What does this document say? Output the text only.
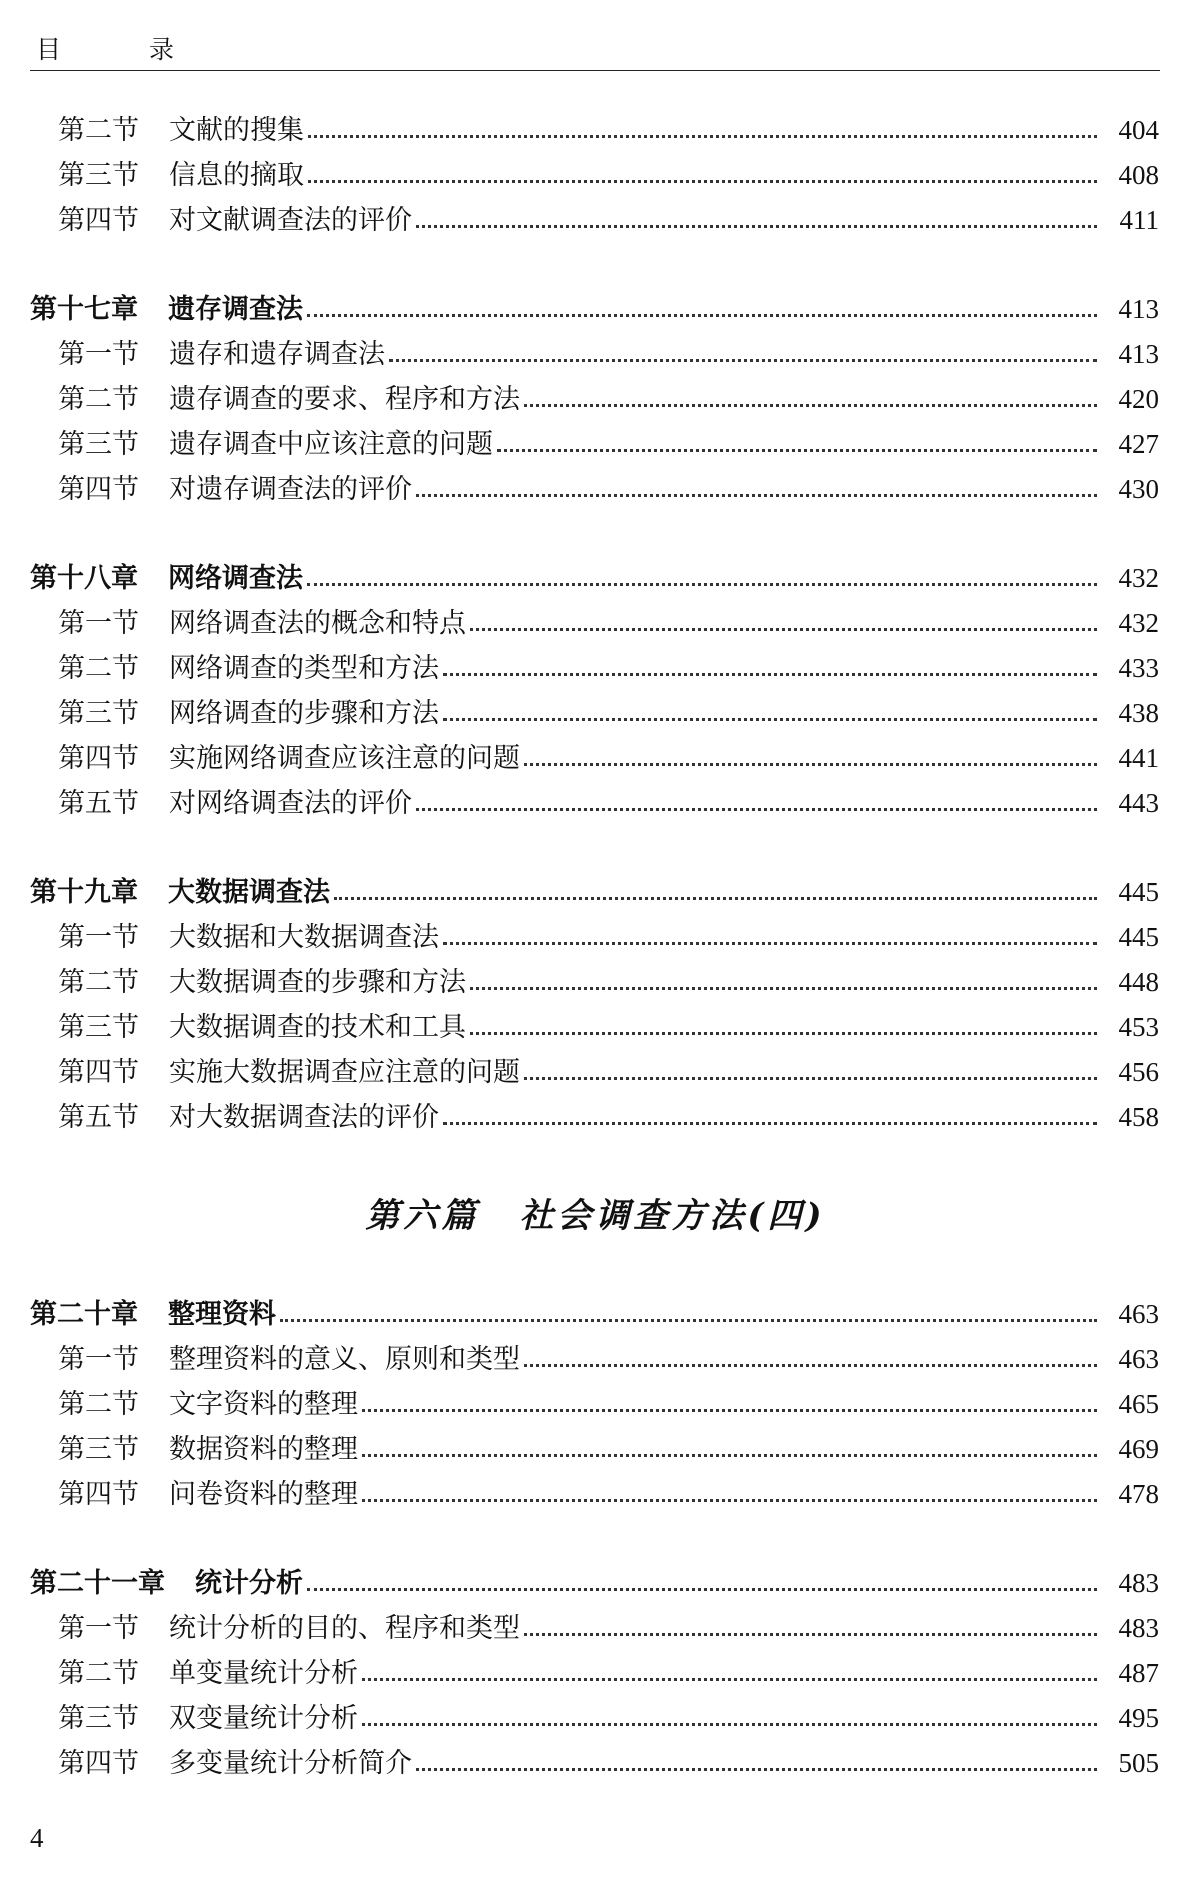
目 录
第二节	文献的搜集	404
第三节	信息的摘取	408
第四节	对文献调查法的评价	411
第十七章	遗存调查法	413
第一节	遗存和遗存调查法	413
第二节	遗存调查的要求、程序和方法	420
第三节	遗存调查中应该注意的问题	427
第四节	对遗存调查法的评价	430
第十八章	网络调查法	432
第一节	网络调查法的概念和特点	432
第二节	网络调查的类型和方法	433
第三节	网络调查的步骤和方法	438
第四节	实施网络调查应该注意的问题	441
第五节	对网络调查法的评价	443
第十九章	大数据调查法	445
第一节	大数据和大数据调查法	445
第二节	大数据调查的步骤和方法	448
第三节	大数据调查的技术和工具	453
第四节	实施大数据调查应注意的问题	456
第五节	对大数据调查法的评价	458
第六篇 社会调查方法(四)
第二十章	整理资料	463
第一节	整理资料的意义、原则和类型	463
第二节	文字资料的整理	465
第三节	数据资料的整理	469
第四节	问卷资料的整理	478
第二十一章	统计分析	483
第一节	统计分析的目的、程序和类型	483
第二节	单变量统计分析	487
第三节	双变量统计分析	495
第四节	多变量统计分析简介	505
4
